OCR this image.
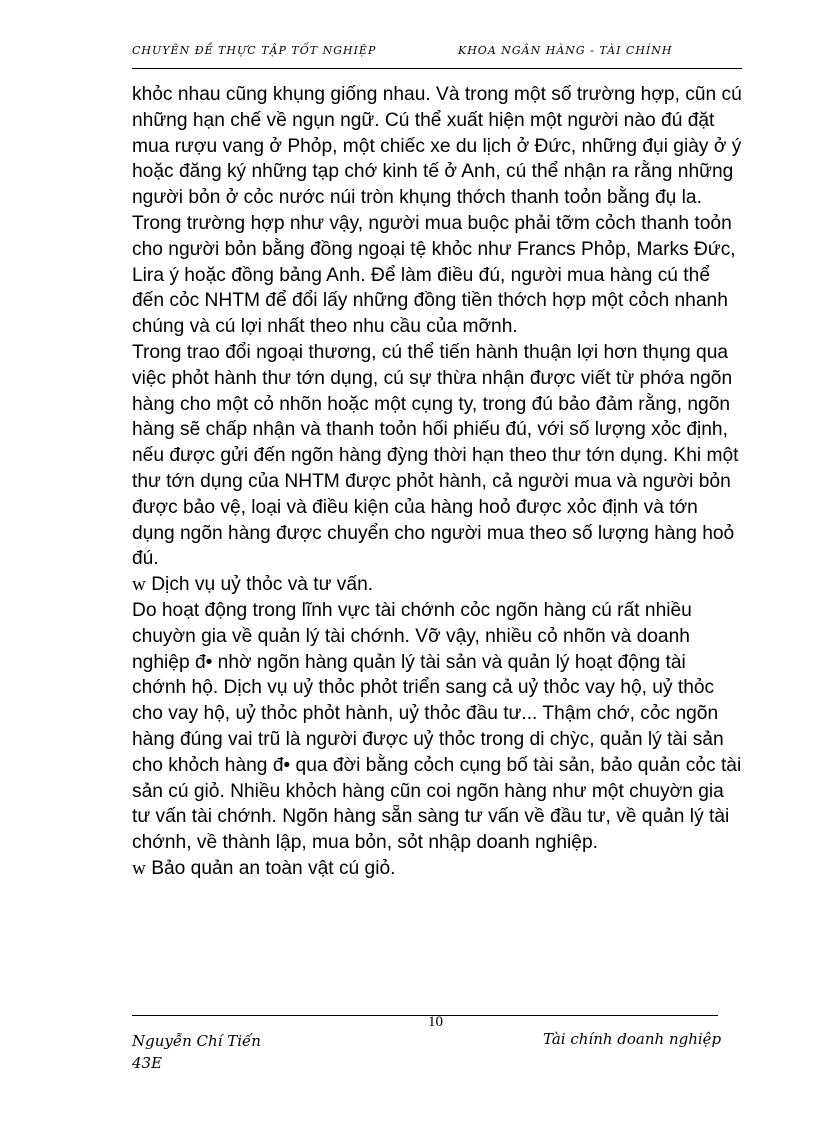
CHUYÊN ĐỀ THỰC TẬP TỐT NGHIỆP	KHOA NGÂN HÀNG - TÀI CHÍNH

khỏc nhau cũng khụng giống nhau. Và trong một số trường hợp, cũn cú những hạn chế về ngụn ngữ. Cú thể xuất hiện một người nào đú đặt mua rượu vang ở Phỏp, một chiếc xe du lịch ở Đức, những đụi giày ở ý hoặc đăng ký những tạp chớ kinh tế ở Anh, cú thể nhận ra rằng những người bỏn ở cỏc nước núi tròn khụng thớch thanh toỏn bằng đụ la. Trong trường hợp như vậy, người mua buộc phải tỡm cỏch thanh toỏn cho người bỏn bằng đồng ngoại tệ khỏc như Francs Phỏp, Marks Đức, Lira ý hoặc đồng bảng Anh. Để làm điều đú, người mua hàng cú thể đến cỏc NHTM để đổi lấy những đồng tiền thớch hợp một cỏch nhanh chúng và cú lợi nhất theo nhu cầu của mỡnh.

Trong trao đổi ngoại thương, cú thể tiến hành thuận lợi hơn thụng qua việc phỏt hành thư tớn dụng, cú sự thừa nhận được viết từ phớa ngõn hàng cho một cỏ nhõn hoặc một cụng ty, trong đú bảo đảm rằng, ngõn hàng sẽ chấp nhận và thanh toỏn hối phiếu đú, với số lượng xỏc định, nếu được gửi đến ngõn hàng đỳng thời hạn theo thư tớn dụng. Khi một thư tớn dụng của NHTM được phỏt hành, cả người mua và người bỏn được bảo vệ, loại và điều kiện của hàng hoỏ được xỏc định và tớn dụng ngõn hàng được chuyển cho người mua theo số lượng hàng hoỏ đú.

w Dịch vụ uỷ thỏc và tư vấn.

Do hoạt động trong lĩnh vực tài chớnh cỏc ngõn hàng cú rất nhiều chuyờn gia về quản lý tài chớnh. Vỡ vậy, nhiều cỏ nhõn và doanh nghiệp đ• nhờ ngõn hàng quản lý tài sản và quản lý hoạt động tài chớnh hộ. Dịch vụ uỷ thỏc phỏt triển sang cả uỷ thỏc vay hộ, uỷ thỏc cho vay hộ, uỷ thỏc phỏt hành, uỷ thỏc đầu tư... Thậm chớ, cỏc ngõn hàng đúng vai trũ là người được uỷ thỏc trong di chỳc, quản lý tài sản cho khỏch hàng đ• qua đời bằng cỏch cụng bố tài sản, bảo quản cỏc tài sản cú giỏ. Nhiều khỏch hàng cũn coi ngõn hàng như một chuyờn gia tư vấn tài chớnh. Ngõn hàng sẵn sàng tư vấn về đầu tư, về quản lý tài chớnh, về thành lập, mua bỏn, sỏt nhập doanh nghiệp.

w Bảo quản an toàn vật cú giỏ.

10
Nguyễn Chí Tiến
43E
Tài chính doanh nghiệp
